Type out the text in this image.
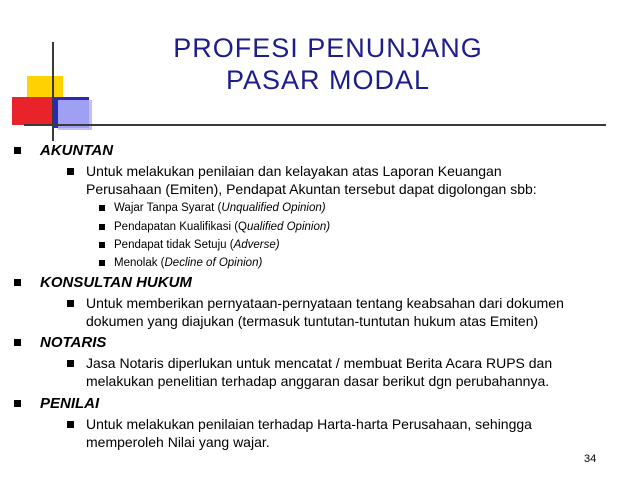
PROFESI PENUNJANG
PASAR MODAL
AKUNTAN
Untuk melakukan penilaian dan kelayakan atas Laporan Keuangan
Perusahaan (Emiten), Pendapat Akuntan tersebut dapat digolongan sbb:
Wajar Tanpa Syarat (Unqualified Opinion)
Pendapatan Kualifikasi (Qualified Opinion)
Pendapat tidak Setuju (Adverse)
Menolak (Decline of Opinion)
KONSULTAN HUKUM
Untuk memberikan pernyataan-pernyataan tentang keabsahan dari dokumen
dokumen yang diajukan (termasuk tuntutan-tuntutan hukum atas Emiten)
NOTARIS
Jasa Notaris diperlukan untuk mencatat / membuat Berita Acara RUPS dan
melakukan penelitian terhadap anggaran dasar berikut dgn perubahannya.
PENILAI
Untuk melakukan penilaian terhadap Harta-harta Perusahaan, sehingga
memperoleh Nilai yang wajar.
34
